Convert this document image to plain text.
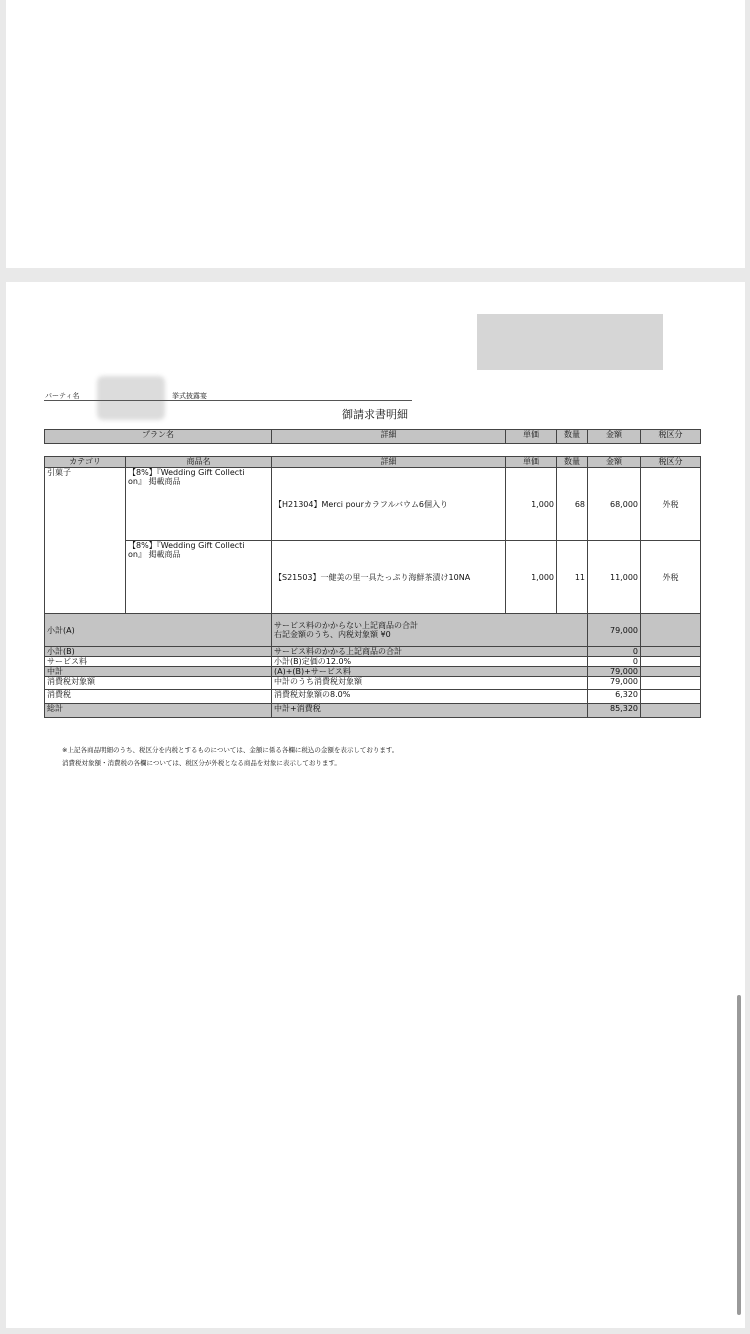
パーティ名	挙式披露宴
御請求書明細
プラン名	詳細	単価	数量	金額	税区分
カテゴリ	商品名	詳細	単価	数量	金額	税区分
引菓子	【8%】『Wedding Gift Collecti
on』 掲載商品	【H21304】Merci pourカラフルバウム6個入り	1,000	68	68,000	外税

	【8%】『Wedding Gift Collecti
on』 掲載商品	【S21503】一健美の里一具たっぷり海鮮茶漬け10NA	1,000	11	11,000	外税
小計(A)		サービス料のかからない上記商品の合計
右記金額のうち、内税対象額 ¥0			79,000	
小計(B)		サービス料のかかる上記商品の合計			0	
サービス料		小計(B)定価の12.0%			0	
中計		(A)+(B)+サービス料			79,000	
消費税対象額		中計のうち消費税対象額			79,000	
消費税		消費税対象額の8.0%			6,320	
総計		中計+消費税			85,320	
※上記各商品明細のうち、税区分を内税とするものについては、金額に係る各欄に税込の金額を表示しております。
消費税対象額・消費税の各欄については、税区分が外税となる商品を対象に表示しております。
